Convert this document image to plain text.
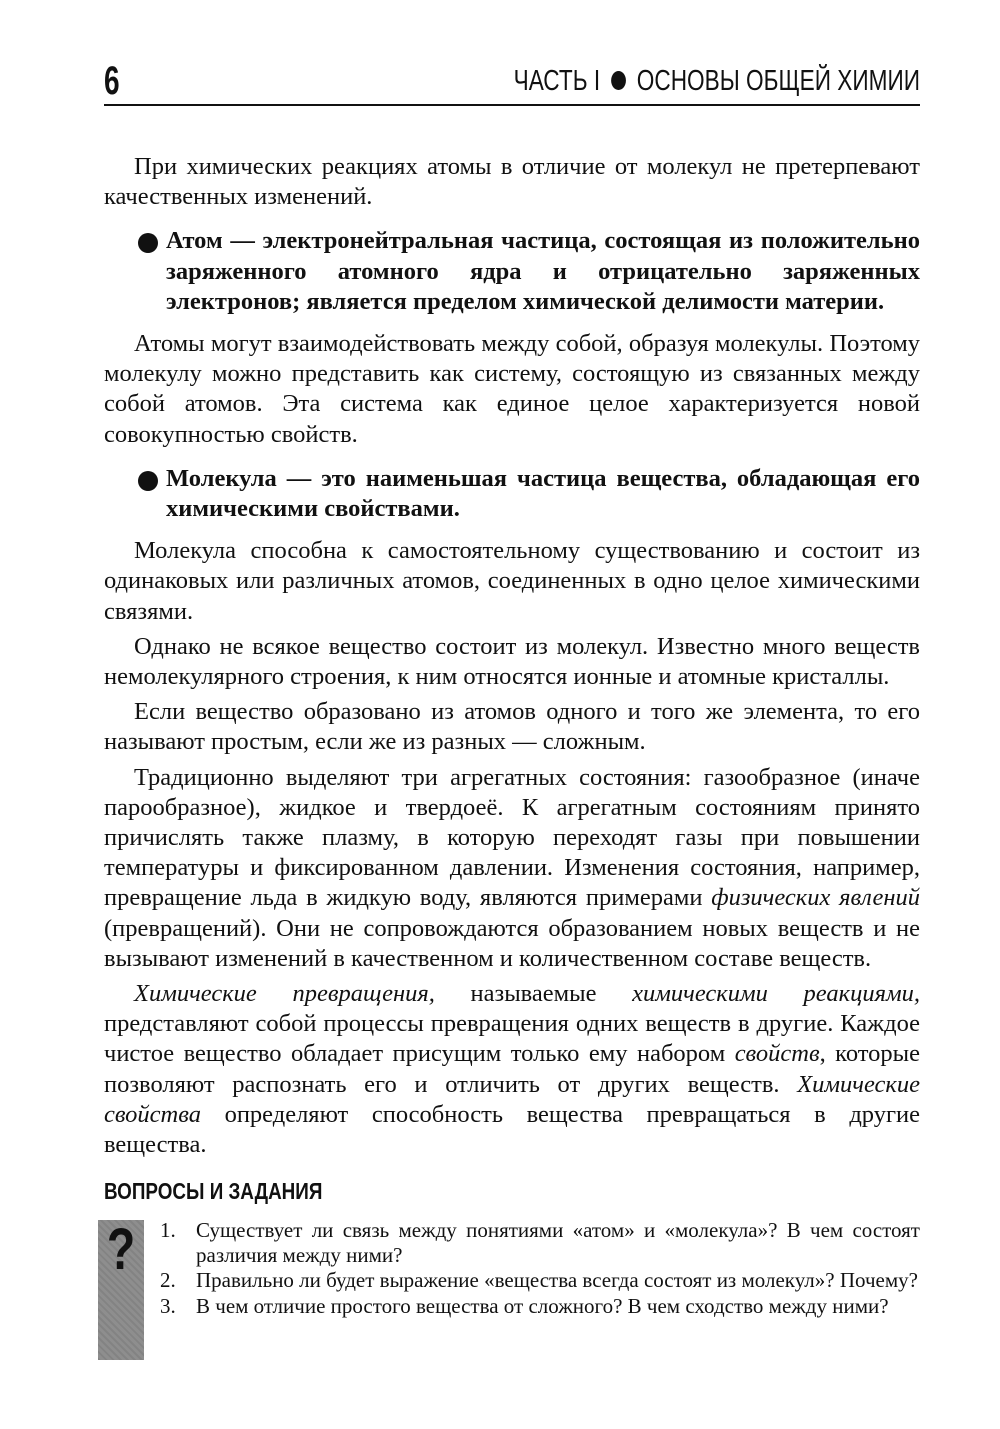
6	ЧАСТЬ I ОСНОВЫ ОБЩЕЙ ХИМИИ

При химических реакциях атомы в отличие от молекул не претерпевают качественных изменений.

Атом — электронейтральная частица, состоящая из положительно заряженного атомного ядра и отрицательно заряженных электронов; является пределом химической делимости материи.

Атомы могут взаимодействовать между собой, образуя молекулы. Поэтому молекулу можно представить как систему, состоящую из связанных между собой атомов. Эта система как единое целое характеризуется новой совокупностью свойств.

Молекула — это наименьшая частица вещества, обладающая его химическими свойствами.

Молекула способна к самостоятельному существованию и состоит из одинаковых или различных атомов, соединенных в одно целое химическими связями.

Однако не всякое вещество состоит из молекул. Известно много веществ немолекулярного строения, к ним относятся ионные и атомные кристаллы.

Если вещество образовано из атомов одного и того же элемента, то его называют простым, если же из разных — сложным.

Традиционно выделяют три агрегатных состояния: газообразное (иначе парообразное), жидкое и твердоеё. К агрегатным состояниям принято причислять также плазму, в которую переходят газы при повышении температуры и фиксированном давлении. Изменения состояния, например, превращение льда в жидкую воду, являются примерами физических явлений (превращений). Они не сопровождаются образованием новых веществ и не вызывают изменений в качественном и количественном составе веществ.

Химические превращения, называемые химическими реакциями, представляют собой процессы превращения одних веществ в другие. Каждое чистое вещество обладает присущим только ему набором свойств, которые позволяют распознать его и отличить от других веществ. Химические свойства определяют способность вещества превращаться в другие вещества.

ВОПРОСЫ И ЗАДАНИЯ
? 1. Существует ли связь между понятиями «атом» и «молекула»? В чем состоят различия между ними?
2. Правильно ли будет выражение «вещества всегда состоят из молекул»? Почему?
3. В чем отличие простого вещества от сложного? В чем сходство между ними?
